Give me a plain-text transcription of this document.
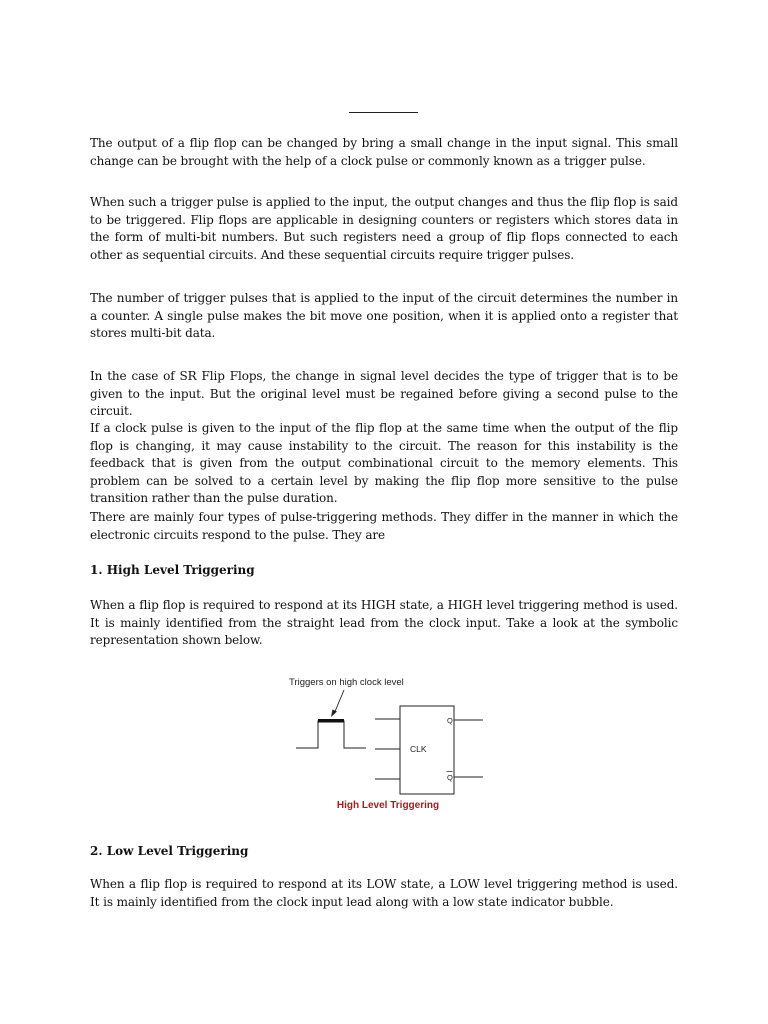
The output of a flip flop can be changed by bring a small change in the input signal. This small change can be brought with the help of a clock pulse or commonly known as a trigger pulse.

When such a trigger pulse is applied to the input, the output changes and thus the flip flop is said to be triggered. Flip flops are applicable in designing counters or registers which stores data in the form of multi-bit numbers. But such registers need a group of flip flops connected to each other as sequential circuits. And these sequential circuits require trigger pulses.

The number of trigger pulses that is applied to the input of the circuit determines the number in a counter. A single pulse makes the bit move one position, when it is applied onto a register that stores multi-bit data.

In the case of SR Flip Flops, the change in signal level decides the type of trigger that is to be given to the input. But the original level must be regained before giving a second pulse to the circuit.

If a clock pulse is given to the input of the flip flop at the same time when the output of the flip flop is changing, it may cause instability to the circuit. The reason for this instability is the feedback that is given from the output combinational circuit to the memory elements. This problem can be solved to a certain level by making the flip flop more sensitive to the pulse transition rather than the pulse duration.

There are mainly four types of pulse-triggering methods. They differ in the manner in which the electronic circuits respond to the pulse. They are

1. High Level Triggering

When a flip flop is required to respond at its HIGH state, a HIGH level triggering method is used. It is mainly identified from the straight lead from the clock input. Take a look at the symbolic representation shown below.

Triggers on high clock level
CLK
Q
Q
High Level Triggering
2. Low Level Triggering

When a flip flop is required to respond at its LOW state, a LOW level triggering method is used. It is mainly identified from the clock input lead along with a low state indicator bubble.
